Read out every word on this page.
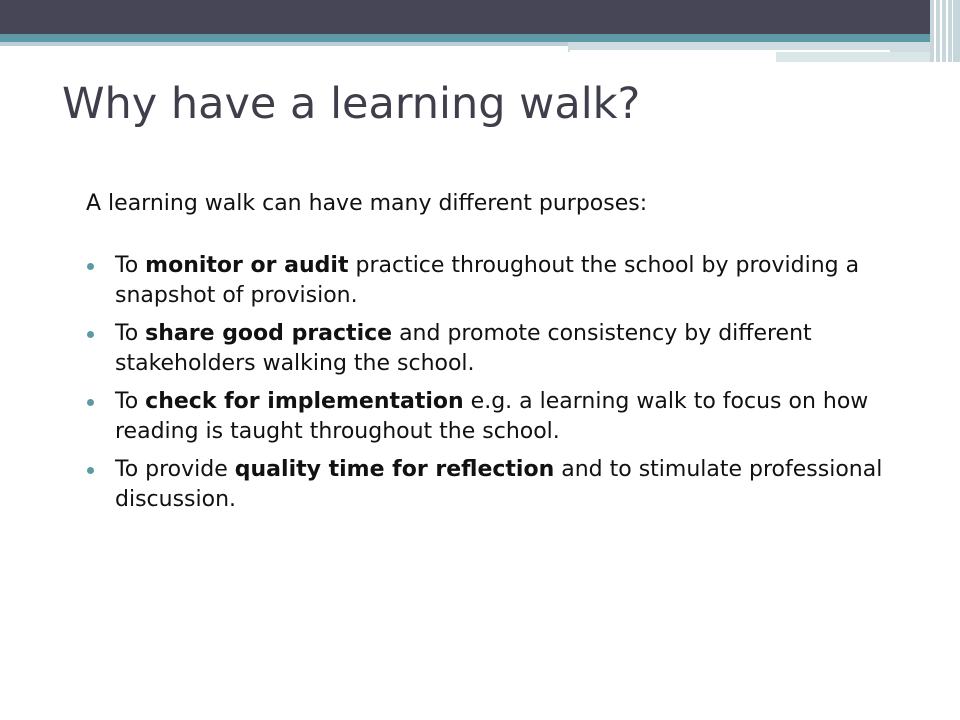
Why have a learning walk?

A learning walk can have many different purposes:

To monitor or audit practice throughout the school by providing a snapshot of provision.
To share good practice and promote consistency by different stakeholders walking the school.
To check for implementation e.g. a learning walk to focus on how reading is taught throughout the school.
To provide quality time for reflection and to stimulate professional discussion.
